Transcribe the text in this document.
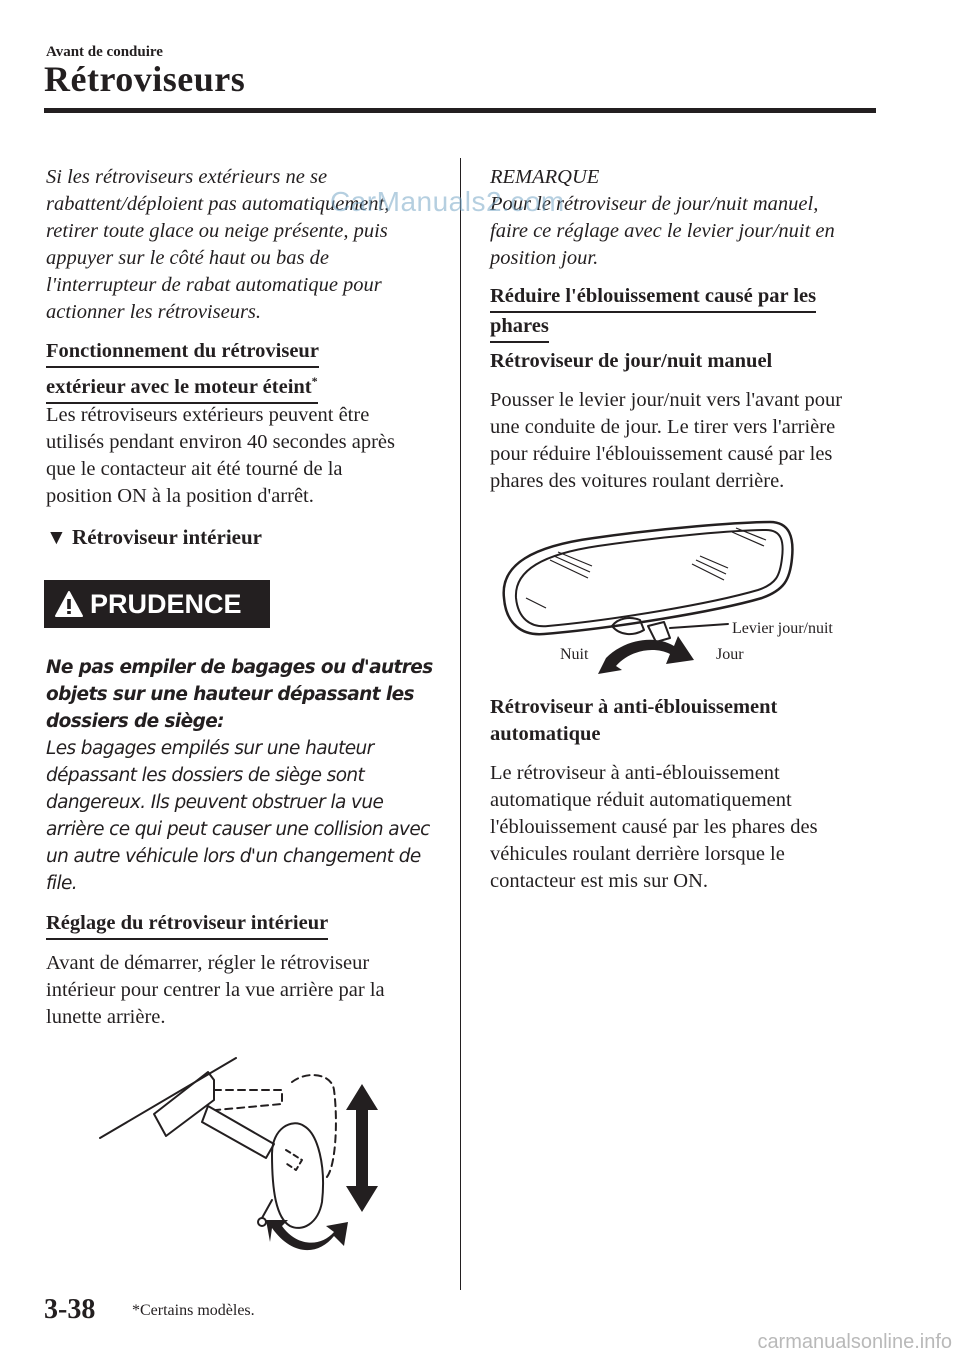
Avant de conduire
Rétroviseurs
Si les rétroviseurs extérieurs ne se
rabattent/déploient pas automatiquement,
retirer toute glace ou neige présente, puis
appuyer sur le côté haut ou bas de
l'interrupteur de rabat automatique pour
actionner les rétroviseurs.
Fonctionnement du rétroviseur
extérieur avec le moteur éteint*
Les rétroviseurs extérieurs peuvent être
utilisés pendant environ 40 secondes après
que le contacteur ait été tourné de la
position ON à la position d'arrêt.
▼ Rétroviseur intérieur
PRUDENCE
Ne pas empiler de bagages ou d'autres
objets sur une hauteur dépassant les
dossiers de siège:
Les bagages empilés sur une hauteur
dépassant les dossiers de siège sont
dangereux. Ils peuvent obstruer la vue
arrière ce qui peut causer une collision avec
un autre véhicule lors d'un changement de
file.
Réglage du rétroviseur intérieur
Avant de démarrer, régler le rétroviseur
intérieur pour centrer la vue arrière par la
lunette arrière.
REMARQUE
Pour le rétroviseur de jour/nuit manuel,
faire ce réglage avec le levier jour/nuit en
position jour.
Réduire l'éblouissement causé par les
phares
Rétroviseur de jour/nuit manuel
Pousser le levier jour/nuit vers l'avant pour
une conduite de jour. Le tirer vers l'arrière
pour réduire l'éblouissement causé par les
phares des voitures roulant derrière.
Levier jour/nuit
Nuit	Jour
Rétroviseur à anti-éblouissement
automatique
Le rétroviseur à anti-éblouissement
automatique réduit automatiquement
l'éblouissement causé par les phares des
véhicules roulant derrière lorsque le
contacteur est mis sur ON.
3-38 *Certains modèles.
CarManuals2.com
carmanualsonline.info
